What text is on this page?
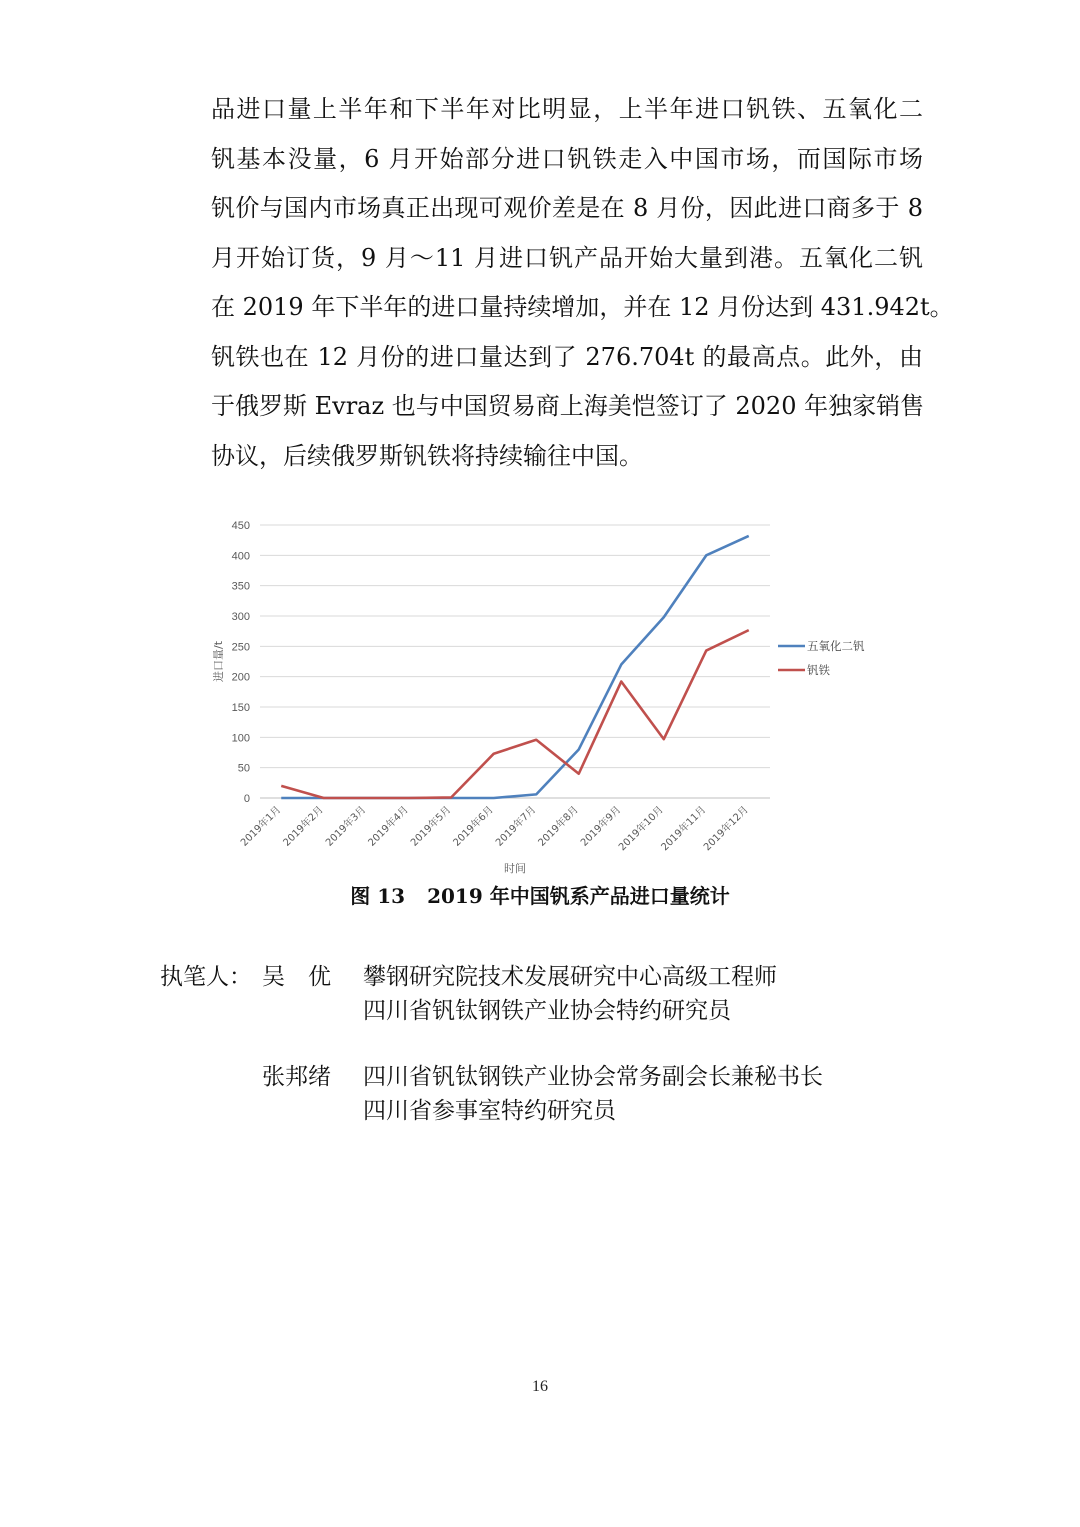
品进口量上半年和下半年对比明显，上半年进口钒铁、五氧化二
钒基本没量，6 月开始部分进口钒铁走入中国市场，而国际市场
钒价与国内市场真正出现可观价差是在 8 月份，因此进口商多于 8
月开始订货，9 月～11 月进口钒产品开始大量到港。五氧化二钒
在 2019 年下半年的进口量持续增加，并在 12 月份达到 431.942t。
钒铁也在 12 月份的进口量达到了 276.704t 的最高点。此外，由
于俄罗斯 Evraz 也与中国贸易商上海美恺签订了 2020 年独家销售
协议，后续俄罗斯钒铁将持续输往中国。
0
50
100
150
200
250
300
350
400
450
2019年1月
2019年2月
2019年3月
2019年4月
2019年5月
2019年6月
2019年7月
2019年8月
2019年9月
2019年10月
2019年11月
2019年12月
时间
进口量/t	五氧化二钒
钒铁
图 13 2019 年中国钒系产品进口量统计
执笔人： 吴　优 攀钢研究院技术发展研究中心高级工程师
四川省钒钛钢铁产业协会特约研究员
张邦绪 四川省钒钛钢铁产业协会常务副会长兼秘书长
四川省参事室特约研究员
16
